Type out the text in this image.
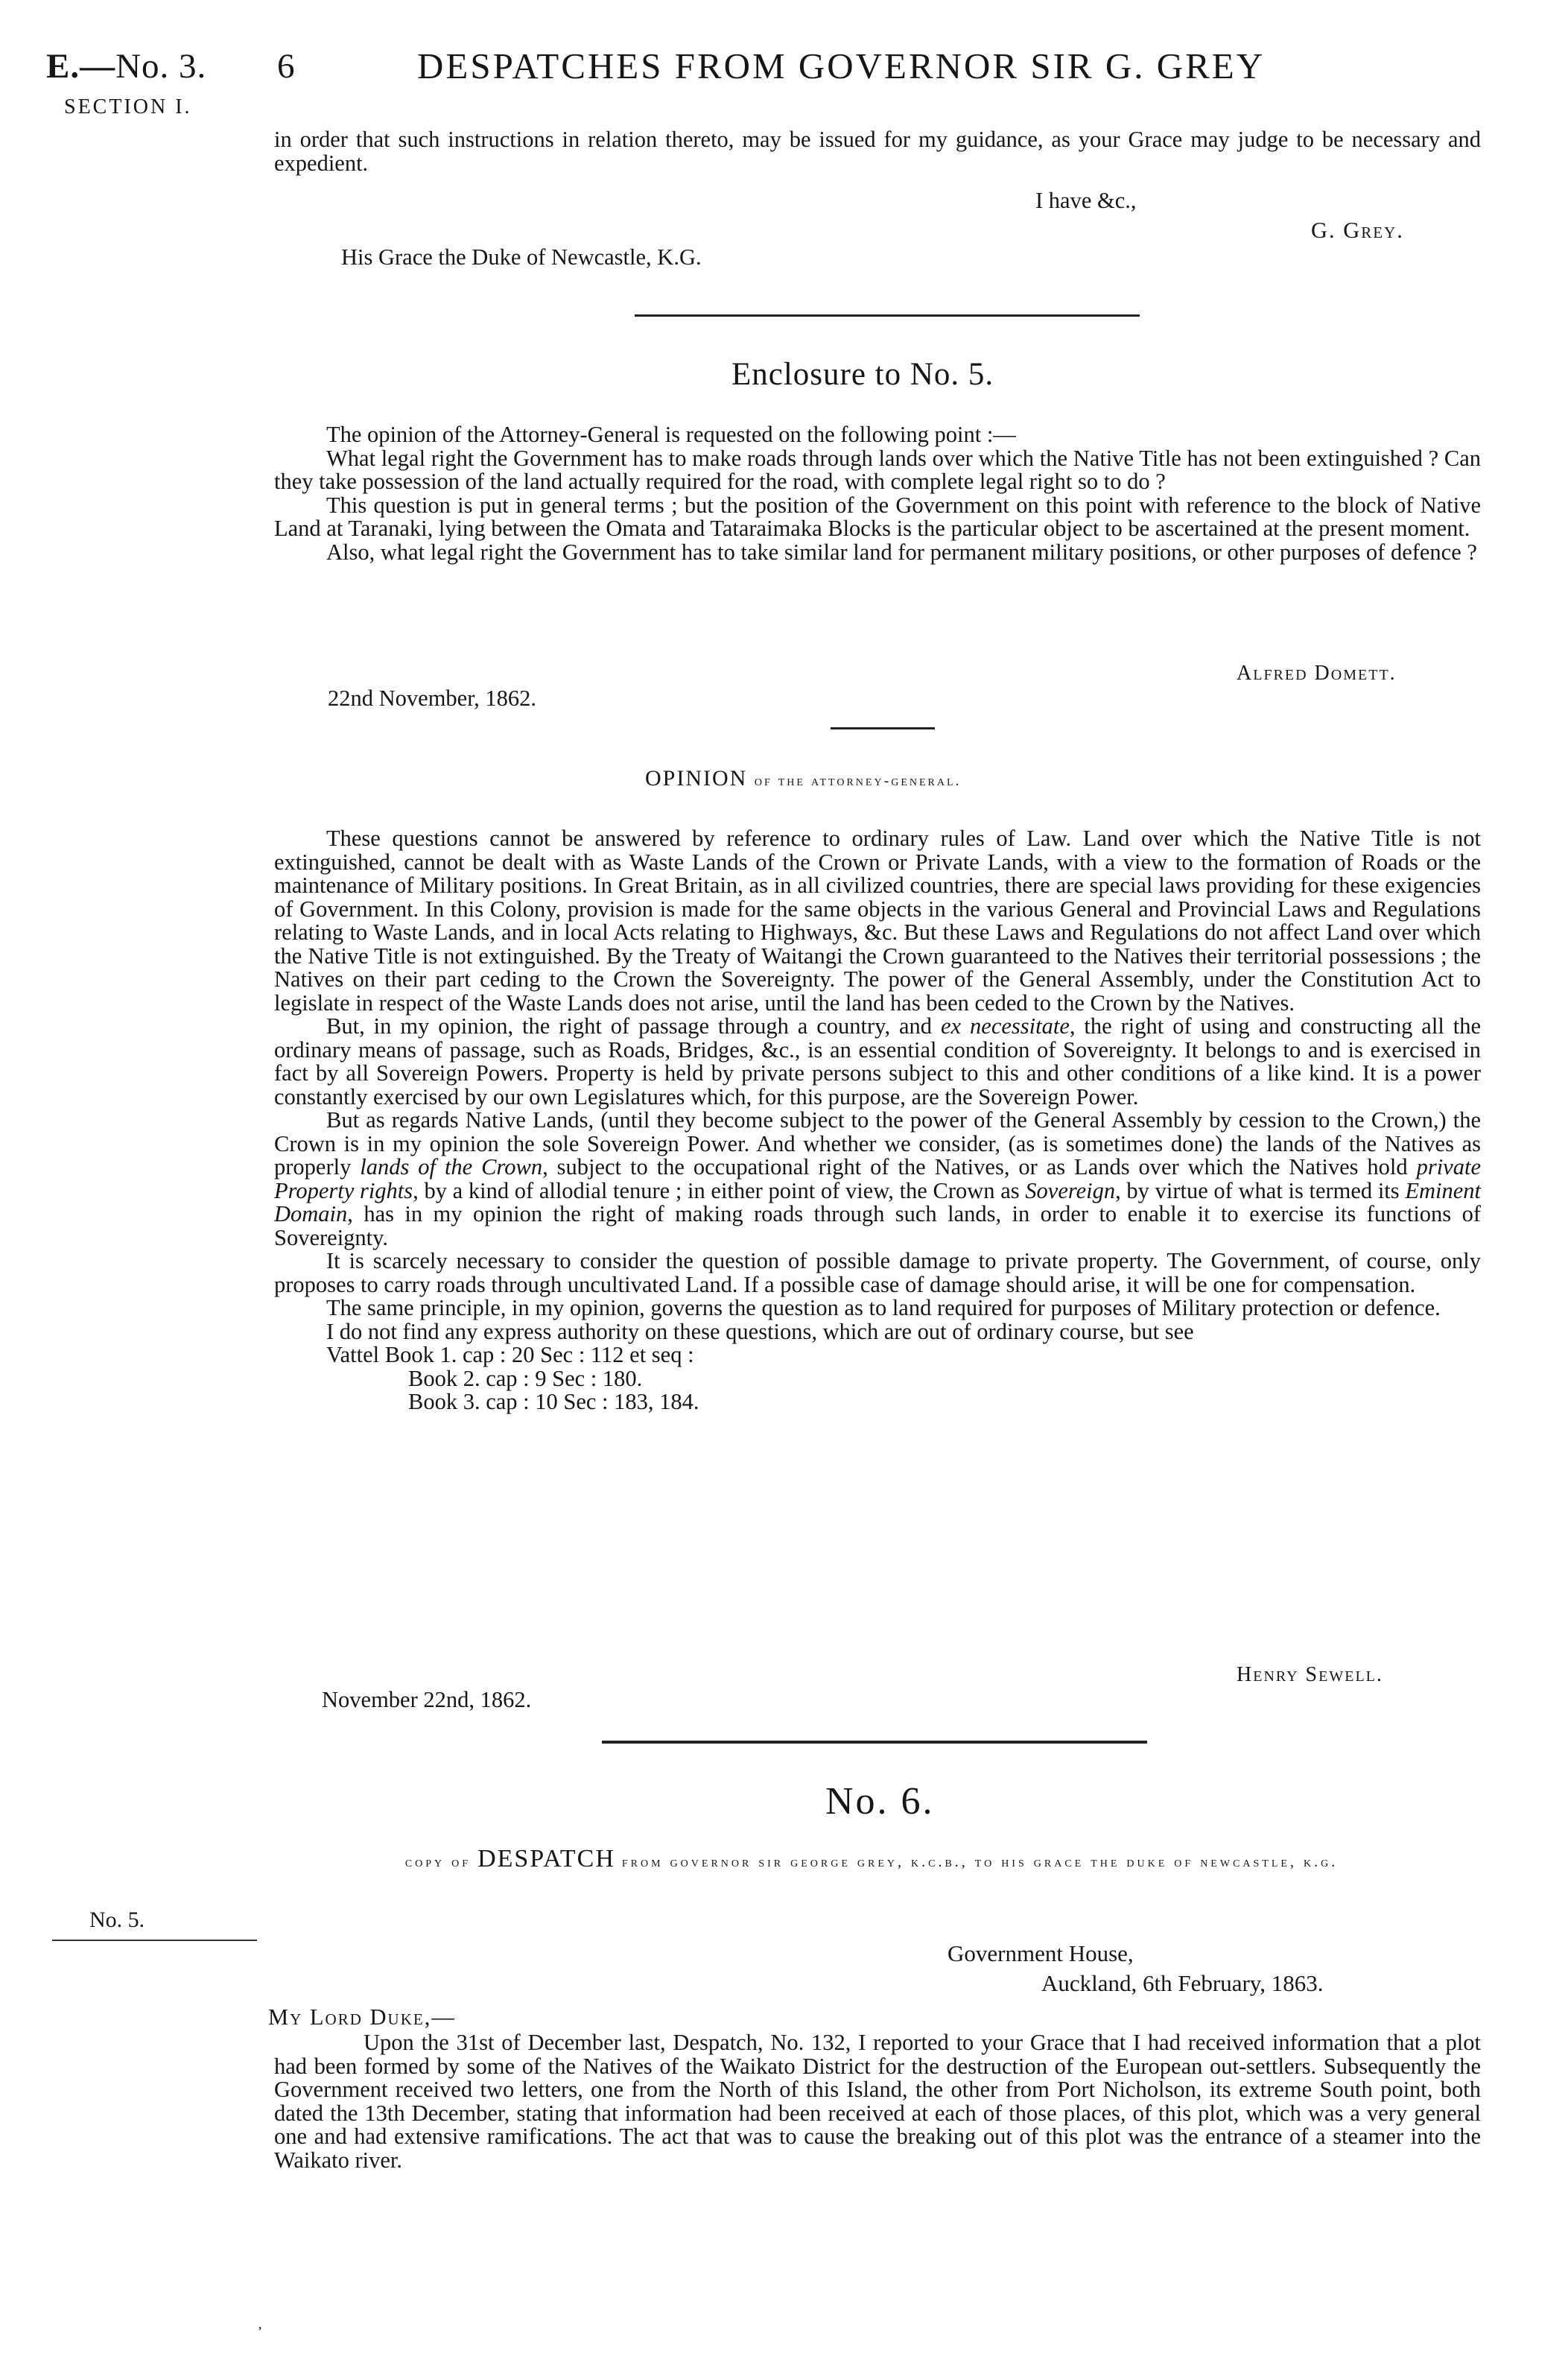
E.—No. 3.
SECTION I.
6	DESPATCHES FROM GOVERNOR SIR G. GREY

in order that such instructions in relation thereto, may be issued for my guidance, as your Grace may judge to be necessary and expedient.

I have &c.,
G. Grey.
His Grace the Duke of Newcastle, K.G.
Enclosure to No. 5.

The opinion of the Attorney-General is requested on the following point :—

What legal right the Government has to make roads through lands over which the Native Title has not been extinguished ? Can they take possession of the land actually required for the road, with complete legal right so to do ?

This question is put in general terms ; but the position of the Government on this point with reference to the block of Native Land at Taranaki, lying between the Omata and Tataraimaka Blocks is the particular object to be ascertained at the present moment.

Also, what legal right the Government has to take similar land for permanent military positions, or other purposes of defence ?

Alfred Domett.
22nd November, 1862.
OPINION of the attorney-general.

These questions cannot be answered by reference to ordinary rules of Law. Land over which the Native Title is not extinguished, cannot be dealt with as Waste Lands of the Crown or Private Lands, with a view to the formation of Roads or the maintenance of Military positions. In Great Britain, as in all civilized countries, there are special laws providing for these exigencies of Government. In this Colony, provision is made for the same objects in the various General and Provincial Laws and Regulations relating to Waste Lands, and in local Acts relating to Highways, &c. But these Laws and Regulations do not affect Land over which the Native Title is not extinguished. By the Treaty of Waitangi the Crown guaranteed to the Natives their territorial possessions ; the Natives on their part ceding to the Crown the Sovereignty. The power of the General Assembly, under the Constitution Act to legislate in respect of the Waste Lands does not arise, until the land has been ceded to the Crown by the Natives.

But, in my opinion, the right of passage through a country, and ex necessitate, the right of using and constructing all the ordinary means of passage, such as Roads, Bridges, &c., is an essential condition of Sovereignty. It belongs to and is exercised in fact by all Sovereign Powers. Property is held by private persons subject to this and other conditions of a like kind. It is a power constantly exercised by our own Legislatures which, for this purpose, are the Sovereign Power.

But as regards Native Lands, (until they become subject to the power of the General Assembly by cession to the Crown,) the Crown is in my opinion the sole Sovereign Power. And whether we consider, (as is sometimes done) the lands of the Natives as properly lands of the Crown, subject to the occupational right of the Natives, or as Lands over which the Natives hold private Property rights, by a kind of allodial tenure ; in either point of view, the Crown as Sovereign, by virtue of what is termed its Eminent Domain, has in my opinion the right of making roads through such lands, in order to enable it to exercise its functions of Sovereignty.

It is scarcely necessary to consider the question of possible damage to private property. The Government, of course, only proposes to carry roads through uncultivated Land. If a possible case of damage should arise, it will be one for compensation.

The same principle, in my opinion, governs the question as to land required for purposes of Military protection or defence.

I do not find any express authority on these questions, which are out of ordinary course, but see

Vattel Book 1. cap : 20 Sec : 112 et seq :
Book 2. cap : 9 Sec : 180.
Book 3. cap : 10 Sec : 183, 184.
Henry Sewell.
November 22nd, 1862.
No. 6.
copy of DESPATCH from governor sir george grey, k.c.b., to his grace the duke of newcastle, k.g.
No. 5.
Government House,
Auckland, 6th February, 1863.
My Lord Duke,—

Upon the 31st of December last, Despatch, No. 132, I reported to your Grace that I had received information that a plot had been formed by some of the Natives of the Waikato District for the destruction of the European out-settlers. Subsequently the Government received two letters, one from the North of this Island, the other from Port Nicholson, its extreme South point, both dated the 13th December, stating that information had been received at each of those places, of this plot, which was a very general one and had extensive ramifications. The act that was to cause the breaking out of this plot was the entrance of a steamer into the Waikato river.

᾽
